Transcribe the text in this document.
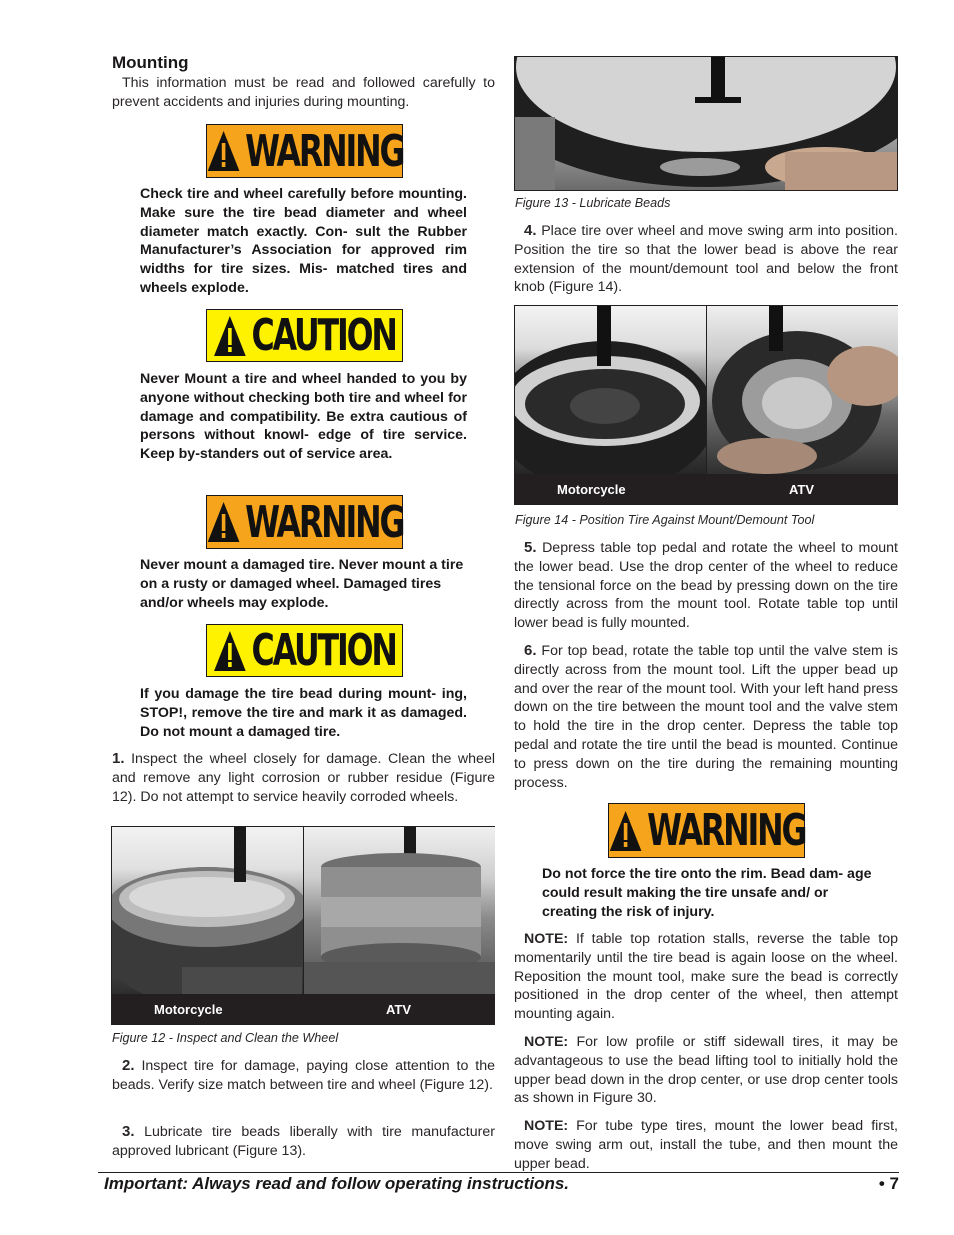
Mounting

This information must be read and followed carefully to prevent accidents and injuries during mounting.

WARNING

Check tire and wheel carefully before mounting. Make sure the tire bead diameter and wheel diameter match exactly. Con- sult the Rubber Manufacturer’s Association for approved rim widths for tire sizes. Mis- matched tires and wheels explode.

CAUTION

Never Mount a tire and wheel handed to you by anyone without checking both tire and wheel for damage and compatibility. Be extra cautious of persons without knowl- edge of tire service. Keep by-standers out of service area.

WARNING

Never mount a damaged tire. Never mount a tire on a rusty or damaged wheel. Damaged tires and/or wheels may explode.

CAUTION

If you damage the tire bead during mount- ing, STOP!, remove the tire and mark it as damaged. Do not mount a damaged tire.

1. Inspect the wheel closely for damage. Clean the wheel and remove any light corrosion or rubber residue (Figure 12). Do not attempt to service heavily corroded wheels.

Motorcycle	ATV
Figure 12 - Inspect and Clean the Wheel

2. Inspect tire for damage, paying close attention to the beads. Verify size match between tire and wheel (Figure 12).

3. Lubricate tire beads liberally with tire manufacturer approved lubricant (Figure 13).

Figure 13 - Lubricate Beads

4. Place tire over wheel and move swing arm into position. Position the tire so that the lower bead is above the rear extension of the mount/demount tool and below the front knob (Figure 14).

Motorcycle	ATV
Figure 14 - Position Tire Against Mount/Demount Tool

5. Depress table top pedal and rotate the wheel to mount the lower bead. Use the drop center of the wheel to reduce the tensional force on the bead by pressing down on the tire directly across from the mount tool. Rotate table top until lower bead is fully mounted.

6. For top bead, rotate the table top until the valve stem is directly across from the mount tool. Lift the upper bead up and over the rear of the mount tool. With your left hand press down on the tire between the mount tool and the valve stem to hold the tire in the drop center. Depress the table top pedal and rotate the tire until the bead is mounted. Continue to press down on the tire during the remaining mounting process.

WARNING

Do not force the tire onto the rim. Bead dam- age could result making the tire unsafe and/ or creating the risk of injury.

NOTE: If table top rotation stalls, reverse the table top momentarily until the tire bead is again loose on the wheel. Reposition the mount tool, make sure the bead is correctly positioned in the drop center of the wheel, then attempt mounting again.

NOTE: For low profile or stiff sidewall tires, it may be advantageous to use the bead lifting tool to initially hold the upper bead down in the drop center, or use drop center tools as shown in Figure 30.

NOTE: For tube type tires, mount the lower bead first, move swing arm out, install the tube, and then mount the upper bead.

Important: Always read and follow operating instructions.	• 7
